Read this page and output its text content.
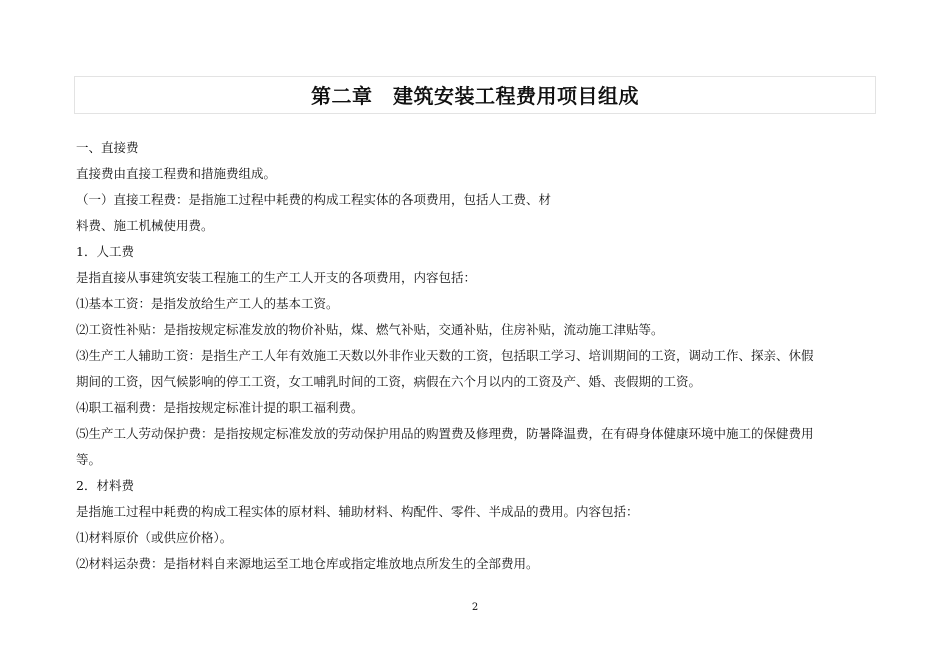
第二章　建筑安装工程费用项目组成
一、直接费
直接费由直接工程费和措施费组成。
（一）直接工程费：是指施工过程中耗费的构成工程实体的各项费用，包括人工费、材
料费、施工机械使用费。
1．人工费
是指直接从事建筑安装工程施工的生产工人开支的各项费用，内容包括：
⑴基本工资：是指发放给生产工人的基本工资。
⑵工资性补贴：是指按规定标准发放的物价补贴，煤、燃气补贴，交通补贴，住房补贴，流动施工津贴等。
⑶生产工人辅助工资：是指生产工人年有效施工天数以外非作业天数的工资，包括职工学习、培训期间的工资，调动工作、探亲、休假
期间的工资，因气候影响的停工工资，女工哺乳时间的工资，病假在六个月以内的工资及产、婚、丧假期的工资。
⑷职工福利费：是指按规定标准计提的职工福利费。
⑸生产工人劳动保护费：是指按规定标准发放的劳动保护用品的购置费及修理费，防暑降温费，在有碍身体健康环境中施工的保健费用
等。
2．材料费
是指施工过程中耗费的构成工程实体的原材料、辅助材料、构配件、零件、半成品的费用。内容包括：
⑴材料原价（或供应价格）。
⑵材料运杂费：是指材料自来源地运至工地仓库或指定堆放地点所发生的全部费用。
2
